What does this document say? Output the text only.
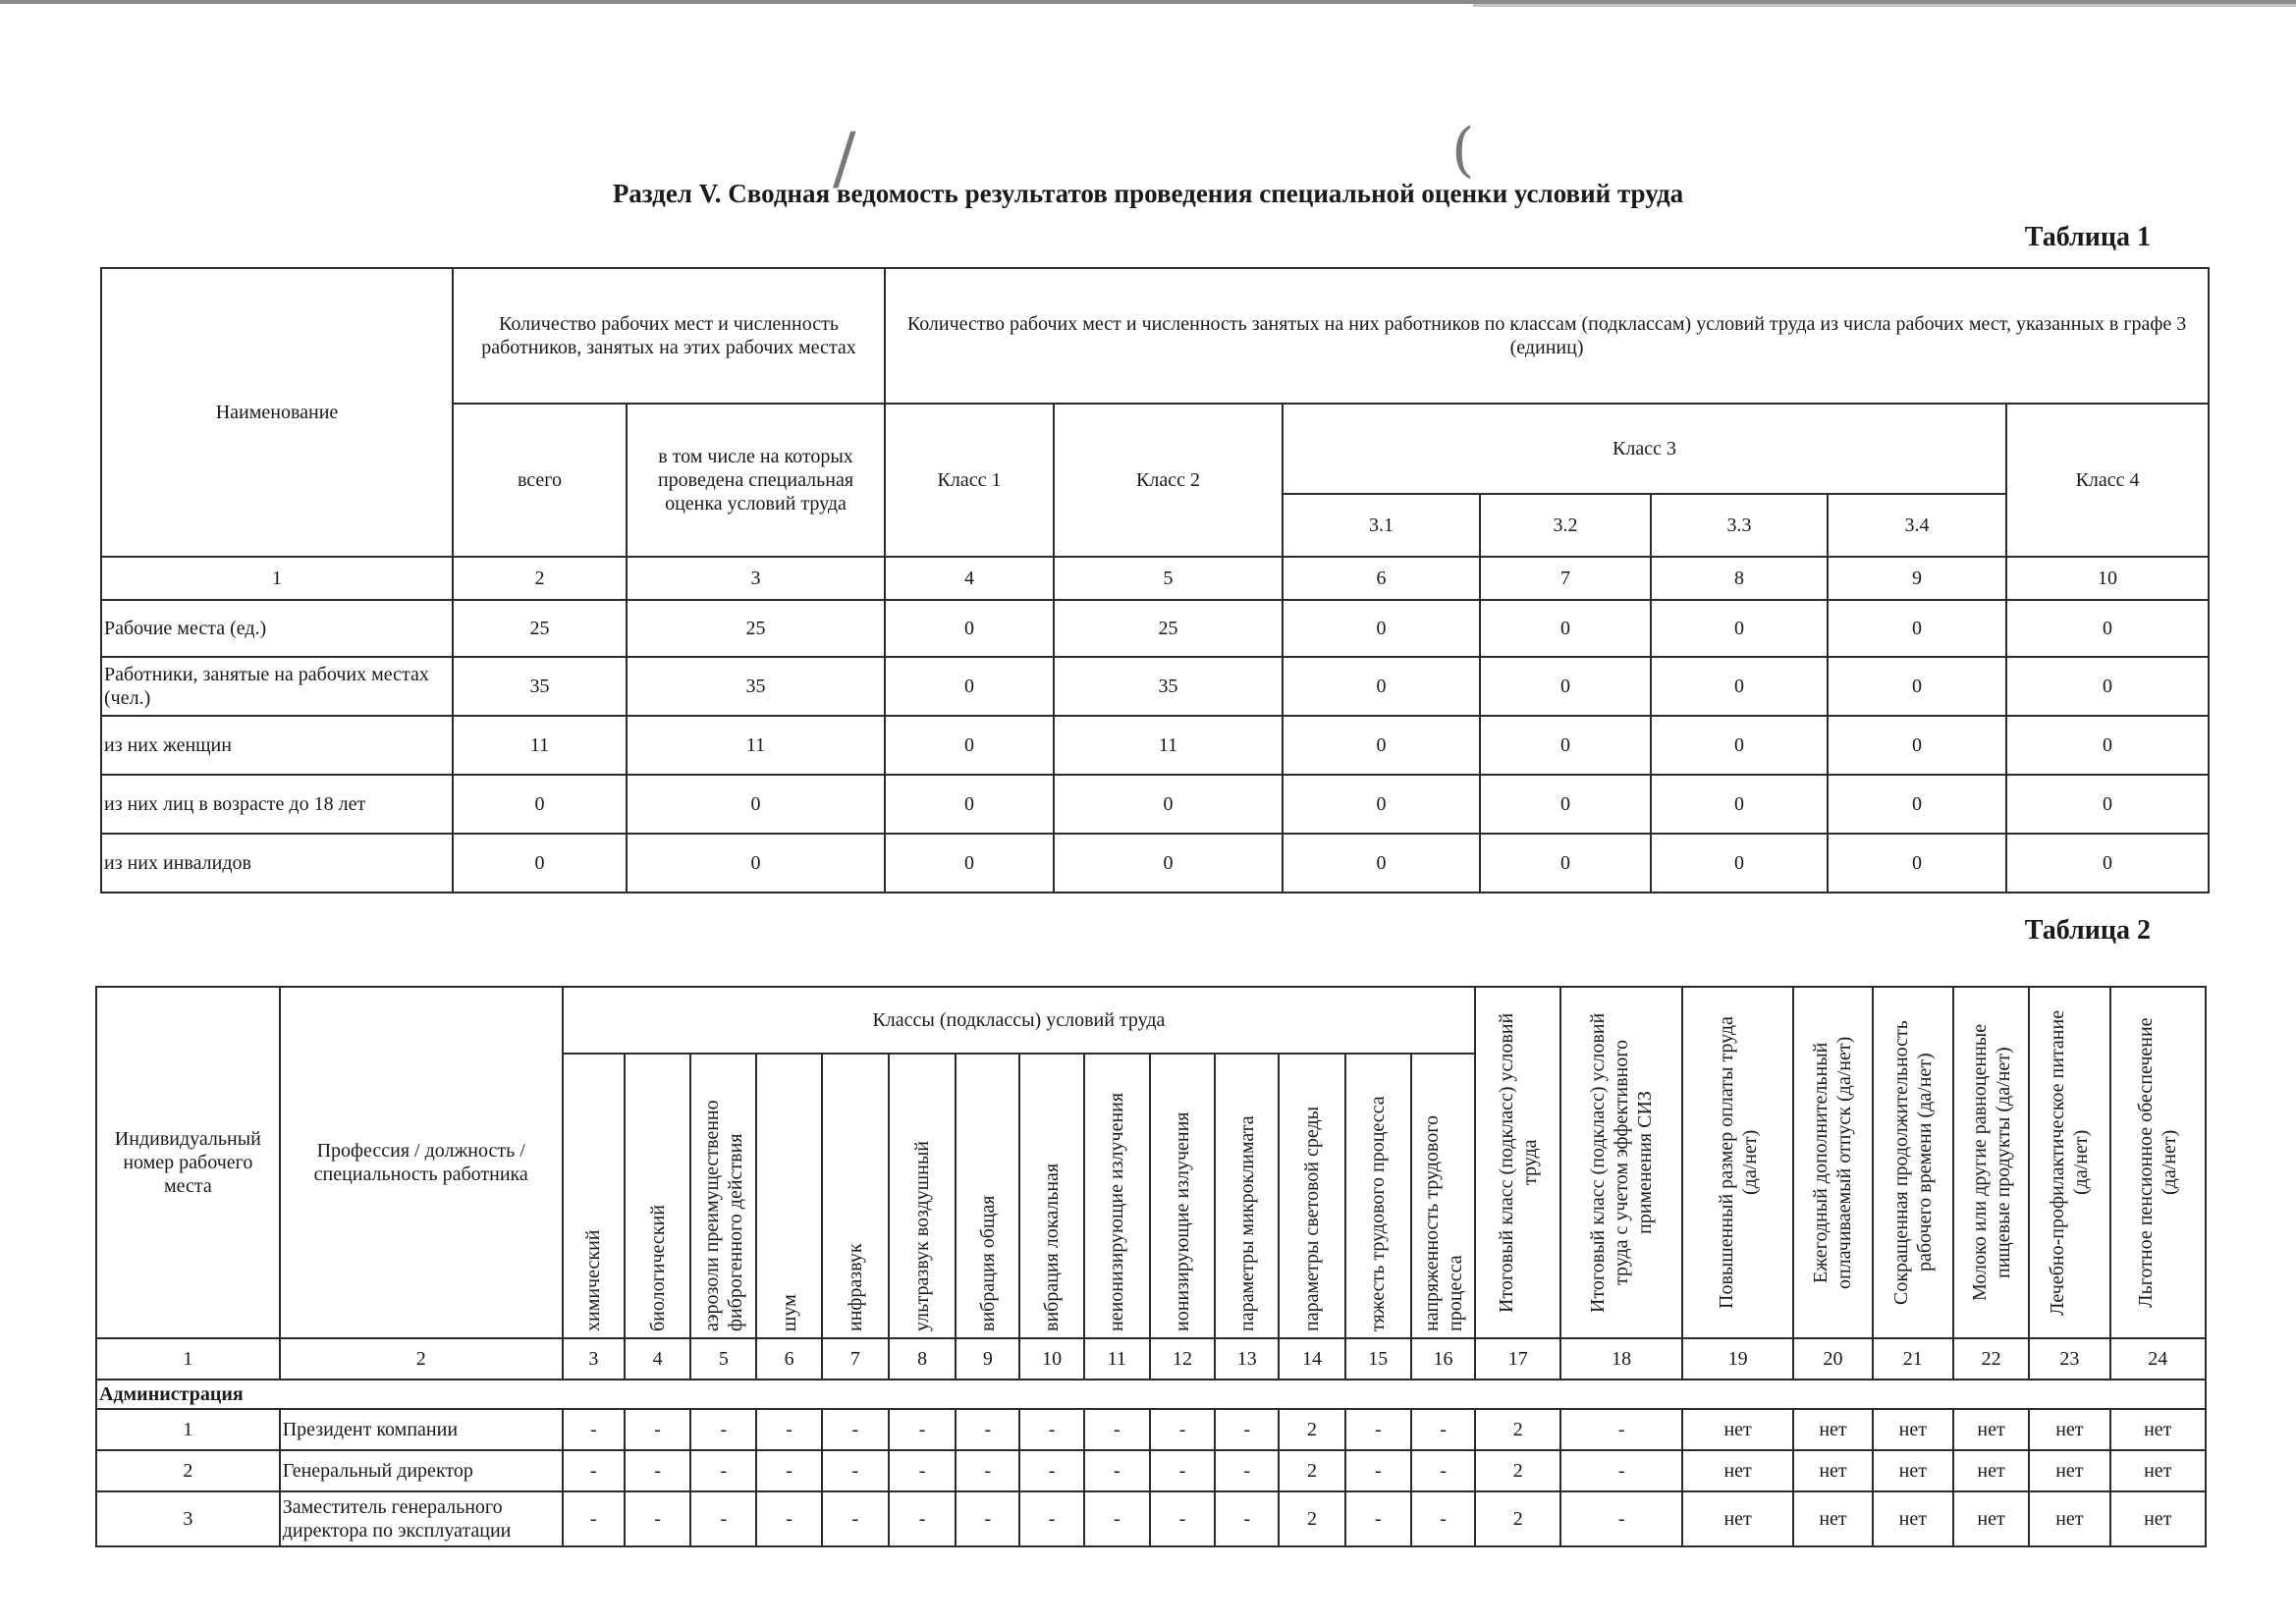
/	(
Раздел V. Сводная ведомость результатов проведения специальной оценки условий труда
Таблица 1
Наименование	Количество рабочих мест и численность работников, занятых на этих рабочих местах		Количество рабочих мест и численность занятых на них работников по классам (подклассам) условий труда из числа рабочих мест, указанных в графе 3 (единиц)						
	всего	в том числе на которых проведена специальная оценка условий труда	Класс 1	Класс 2	Класс 3				Класс 4
					3.1	3.2	3.3	3.4	
1	2	3	4	5	6	7	8	9	10
Рабочие места (ед.)	25	25	0	25	0	0	0	0	0
Работники, занятые на рабочих местах (чел.)	35	35	0	35	0	0	0	0	0
из них женщин	11	11	0	11	0	0	0	0	0
из них лиц в возрасте до 18 лет	0	0	0	0	0	0	0	0	0
из них инвалидов	0	0	0	0	0	0	0	0	0
Таблица 2
Индивидуальный номер рабочего места	Профессия / должность / специальность работника	Классы (подклассы) условий труда														Итоговый класс (подкласс) условий труда	Итоговый класс (подкласс) условий труда с учетом эффективного применения СИЗ	Повышенный размер оплаты труда (да/нет)	Ежегодный дополнительный оплачиваемый отпуск (да/нет)	Сокращенная продолжительность рабочего времени (да/нет)	Молоко или другие равноценные пищевые продукты (да/нет)	Лечебно-профилактическое питание (да/нет)	Льготное пенсионное обеспечение (да/нет)

		химический	биологический	аэрозоли преимущественно фиброгенного действия	шум	инфразвук	ультразвук воздушный	вибрация общая	вибрация локальная	неионизирующие излучения	ионизирующие излучения	параметры микроклимата	параметры световой среды	тяжесть трудового процесса	напряженность трудового процесса								

1	2	3	4	5	6	7	8	9	10	11	12	13	14	15	16	17	18	19	20	21	22	23	24
Администрация																							
1	Президент компании	-	-	-	-	-	-	-	-	-	-	-	2	-	-	2	-	нет	нет	нет	нет	нет	нет
2	Генеральный директор	-	-	-	-	-	-	-	-	-	-	-	2	-	-	2	-	нет	нет	нет	нет	нет	нет
3	Заместитель генерального директора по эксплуатации	-	-	-	-	-	-	-	-	-	-	-	2	-	-	2	-	нет	нет	нет	нет	нет	нет
